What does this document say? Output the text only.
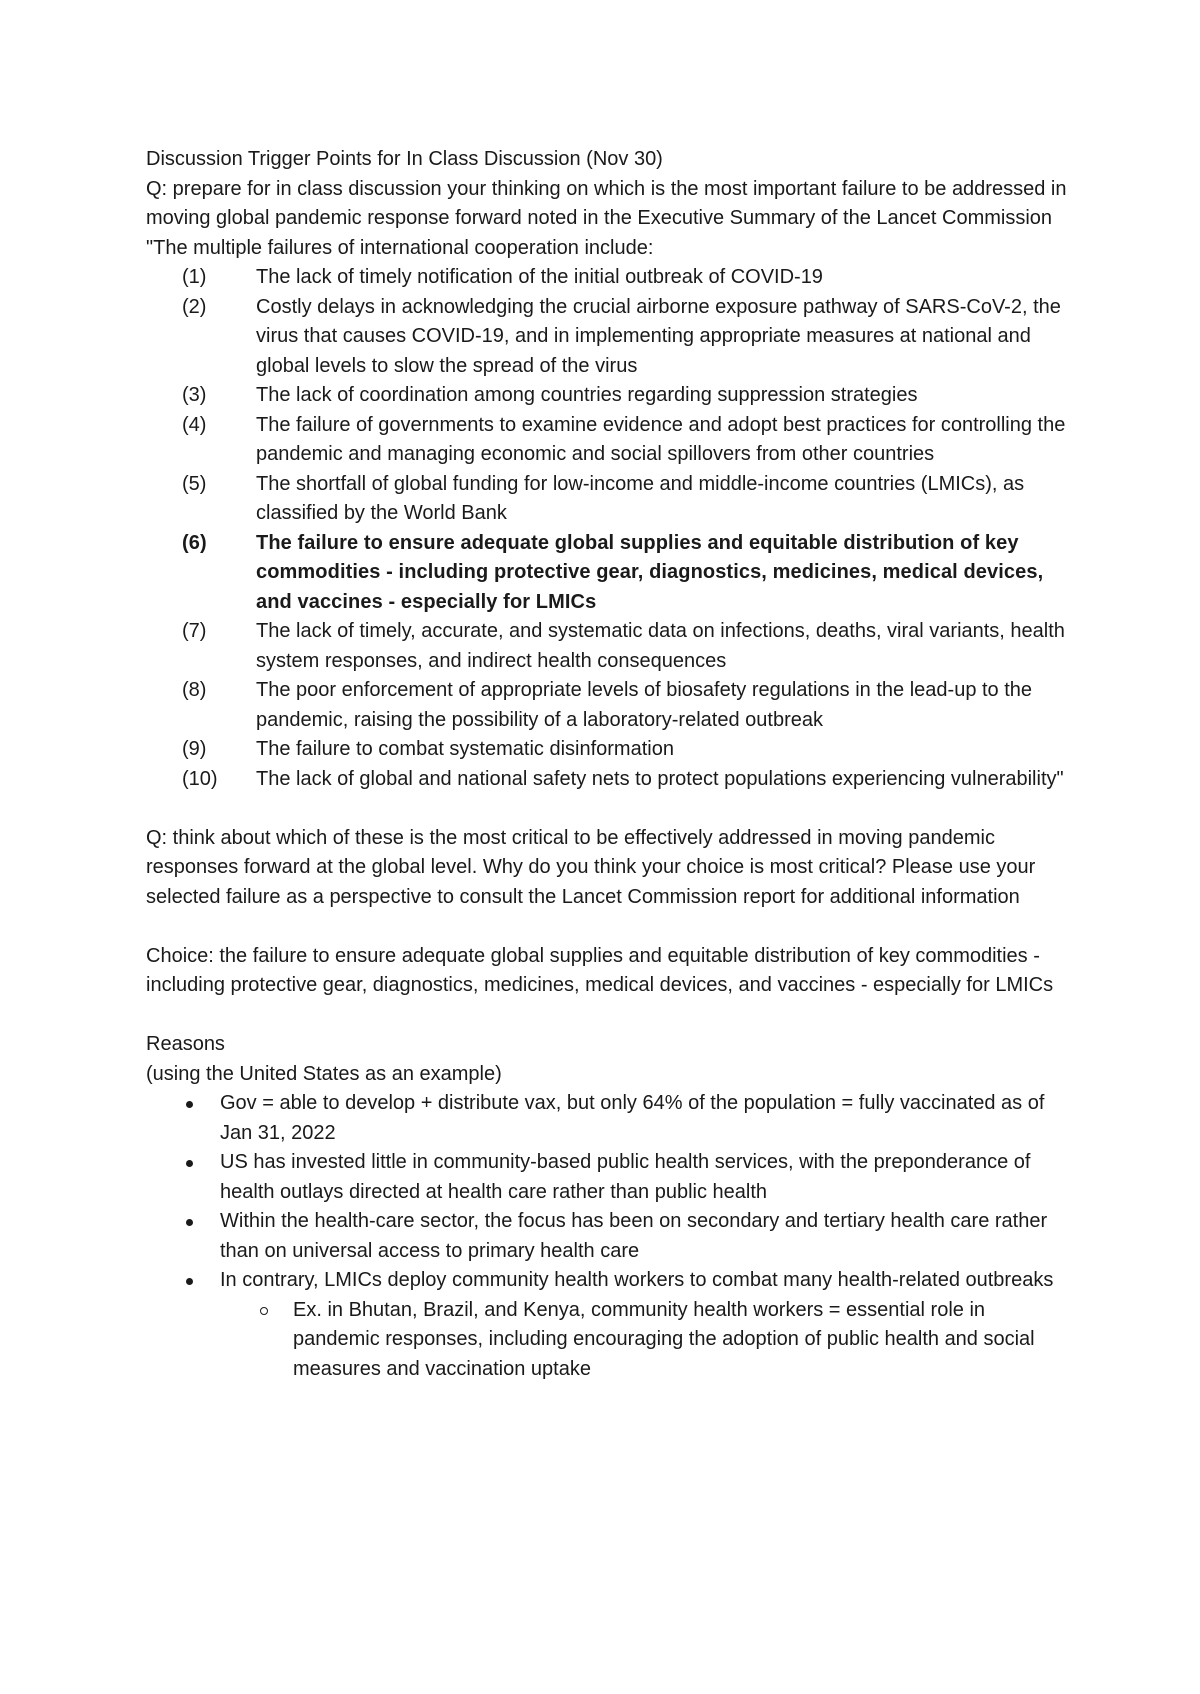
Discussion Trigger Points for In Class Discussion (Nov 30)

Q: prepare for in class discussion your thinking on which is the most important failure to be addressed in moving global pandemic response forward noted in the Executive Summary of the Lancet Commission

"The multiple failures of international cooperation include:

(1)	The lack of timely notification of the initial outbreak of COVID-19
(2)	Costly delays in acknowledging the crucial airborne exposure pathway of SARS-CoV-2, the virus that causes COVID-19, and in implementing appropriate measures at national and global levels to slow the spread of the virus
(3)	The lack of coordination among countries regarding suppression strategies
(4)	The failure of governments to examine evidence and adopt best practices for controlling the pandemic and managing economic and social spillovers from other countries
(5)	The shortfall of global funding for low-income and middle-income countries (LMICs), as classified by the World Bank
(6)	The failure to ensure adequate global supplies and equitable distribution of key commodities - including protective gear, diagnostics, medicines, medical devices, and vaccines - especially for LMICs
(7)	The lack of timely, accurate, and systematic data on infections, deaths, viral variants, health system responses, and indirect health consequences
(8)	The poor enforcement of appropriate levels of biosafety regulations in the lead-up to the pandemic, raising the possibility of a laboratory-related outbreak
(9)	The failure to combat systematic disinformation
(10)	The lack of global and national safety nets to protect populations experiencing vulnerability"

Q: think about which of these is the most critical to be effectively addressed in moving pandemic responses forward at the global level. Why do you think your choice is most critical? Please use your selected failure as a perspective to consult the Lancet Commission report for additional information

Choice: the failure to ensure adequate global supplies and equitable distribution of key commodities - including protective gear, diagnostics, medicines, medical devices, and vaccines - especially for LMICs

Reasons

(using the United States as an example)

Gov = able to develop + distribute vax, but only 64% of the population = fully vaccinated as of Jan 31, 2022
US has invested little in community-based public health services, with the preponderance of health outlays directed at health care rather than public health
Within the health-care sector, the focus has been on secondary and tertiary health care rather than on universal access to primary health care
In contrary, LMICs deploy community health workers to combat many health-related outbreaks
Ex. in Bhutan, Brazil, and Kenya, community health workers = essential role in pandemic responses, including encouraging the adoption of public health and social measures and vaccination uptake
